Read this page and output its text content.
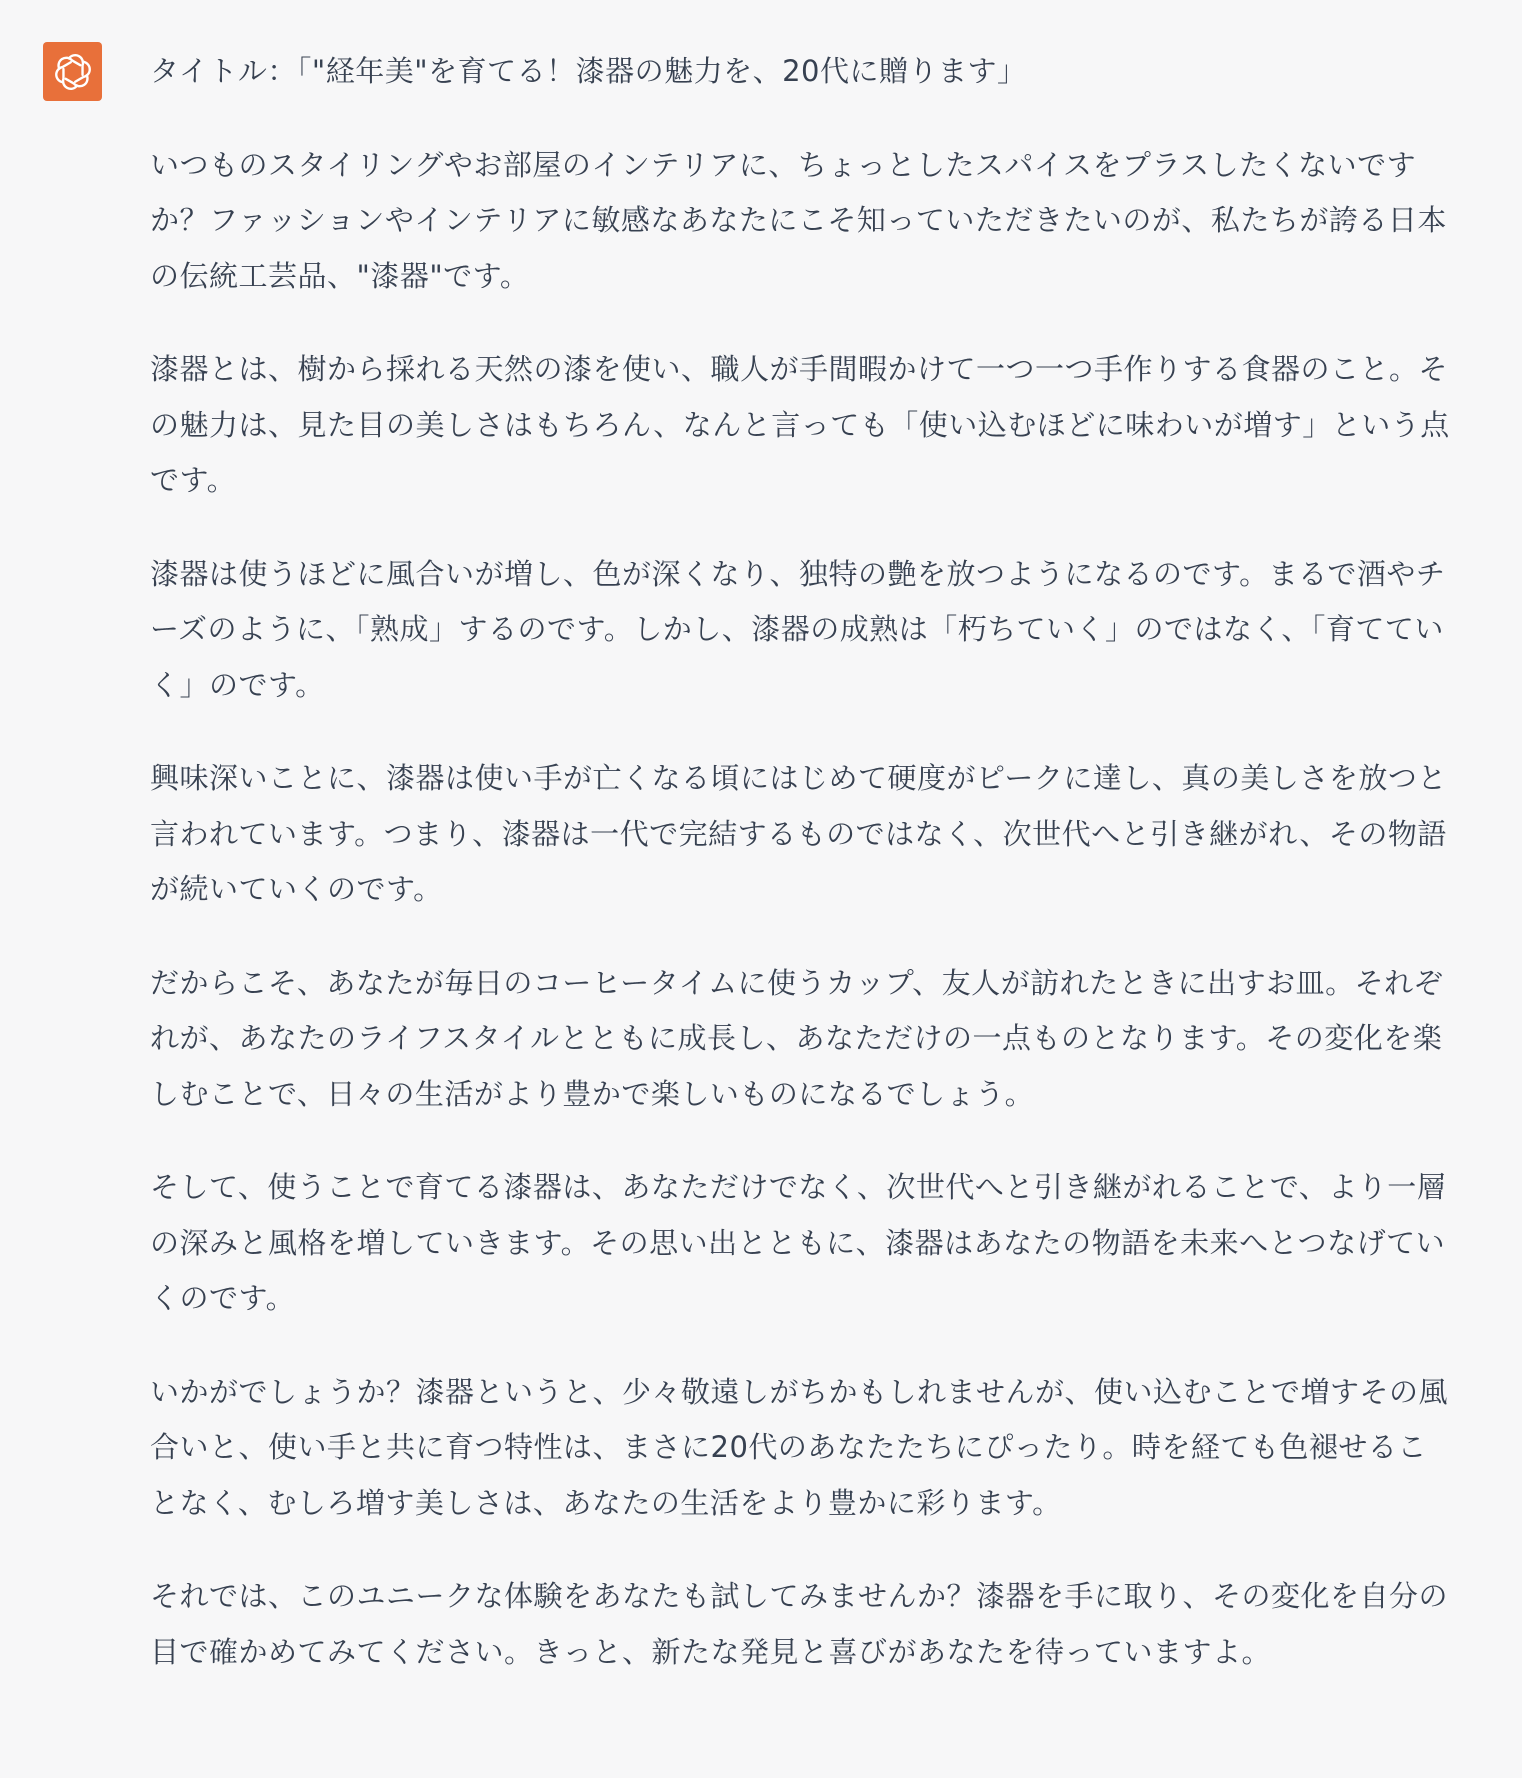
タイトル：「"経年美"を育てる！漆器の魅力を、20代に贈ります」

いつものスタイリングやお部屋のインテリアに、ちょっとしたスパイスをプラスしたくないですか？ファッションやインテリアに敏感なあなたにこそ知っていただきたいのが、私たちが誇る日本の伝統工芸品、"漆器"です。

漆器とは、樹から採れる天然の漆を使い、職人が手間暇かけて一つ一つ手作りする食器のこと。その魅力は、見た目の美しさはもちろん、なんと言っても「使い込むほどに味わいが増す」という点です。

漆器は使うほどに風合いが増し、色が深くなり、独特の艶を放つようになるのです。まるで酒やチーズのように、「熟成」するのです。しかし、漆器の成熟は「朽ちていく」のではなく、「育てていく」のです。

興味深いことに、漆器は使い手が亡くなる頃にはじめて硬度がピークに達し、真の美しさを放つと言われています。つまり、漆器は一代で完結するものではなく、次世代へと引き継がれ、その物語が続いていくのです。

だからこそ、あなたが毎日のコーヒータイムに使うカップ、友人が訪れたときに出すお皿。それぞれが、あなたのライフスタイルとともに成長し、あなただけの一点ものとなります。その変化を楽しむことで、日々の生活がより豊かで楽しいものになるでしょう。

そして、使うことで育てる漆器は、あなただけでなく、次世代へと引き継がれることで、より一層の深みと風格を増していきます。その思い出とともに、漆器はあなたの物語を未来へとつなげていくのです。

いかがでしょうか？漆器というと、少々敬遠しがちかもしれませんが、使い込むことで増すその風合いと、使い手と共に育つ特性は、まさに20代のあなたたちにぴったり。時を経ても色褪せることなく、むしろ増す美しさは、あなたの生活をより豊かに彩ります。

それでは、このユニークな体験をあなたも試してみませんか？漆器を手に取り、その変化を自分の目で確かめてみてください。きっと、新たな発見と喜びがあなたを待っていますよ。
